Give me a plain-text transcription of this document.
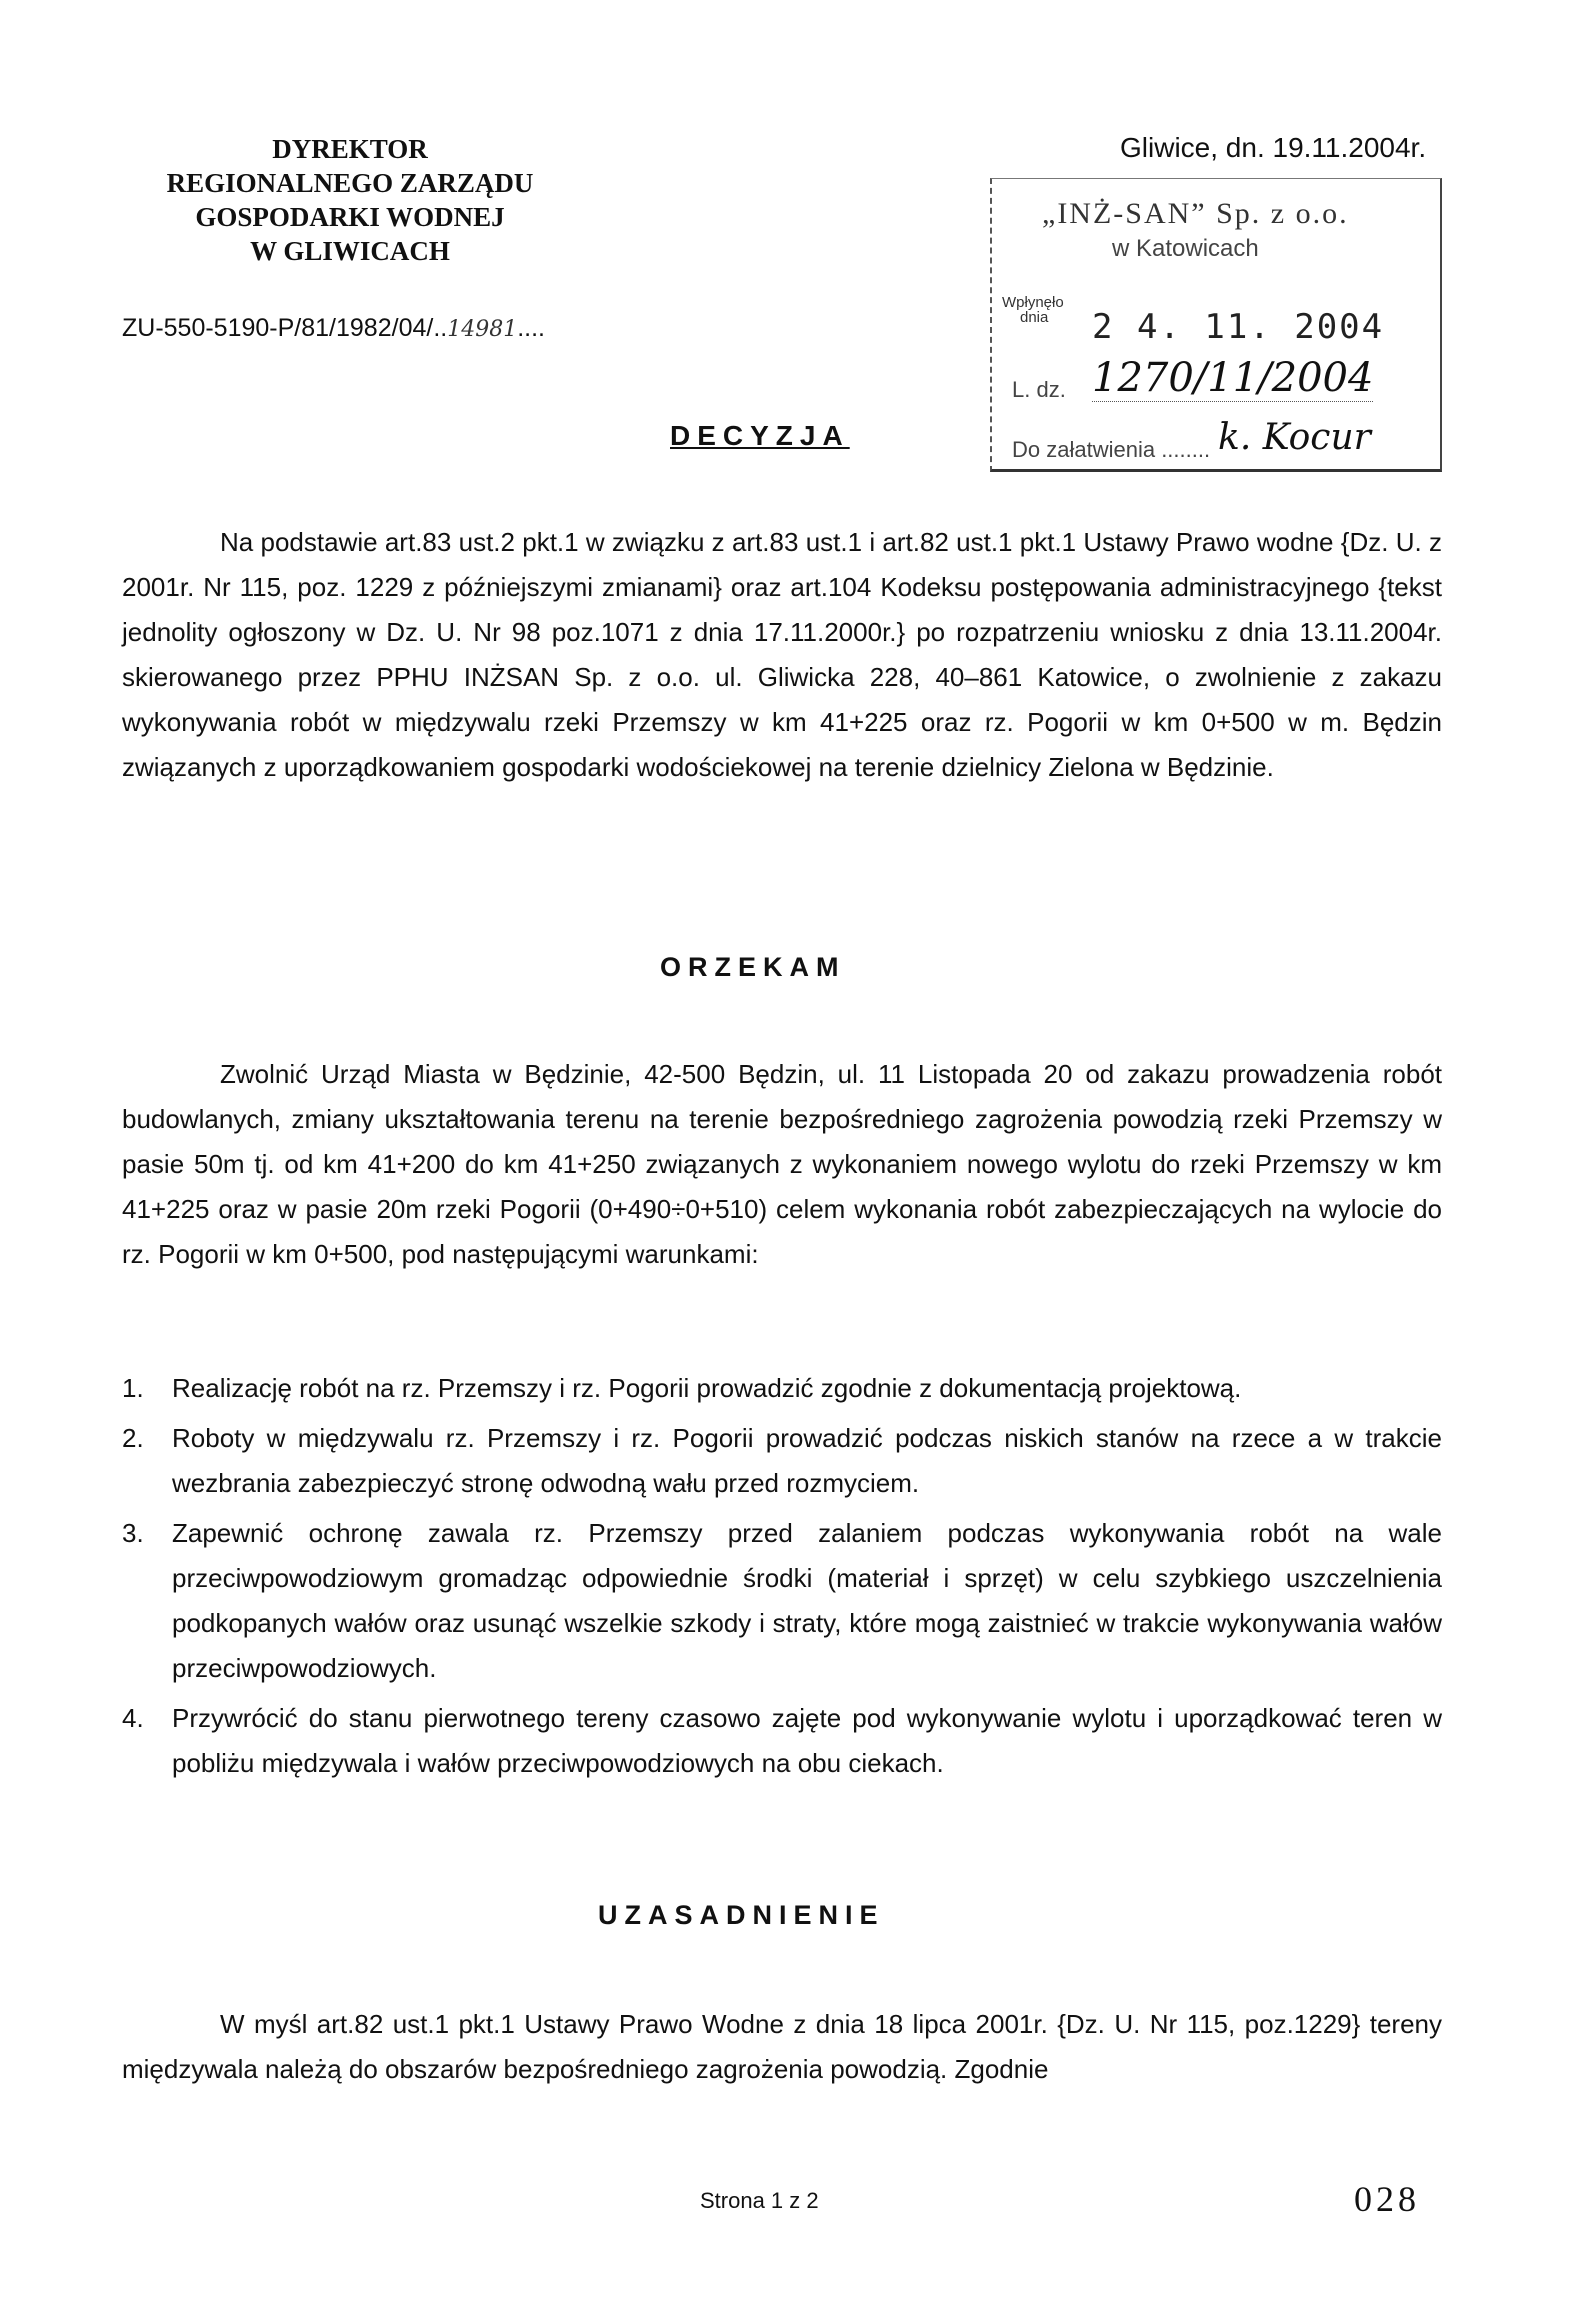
DYREKTOR
REGIONALNEGO ZARZĄDU
GOSPODARKI WODNEJ
W GLIWICACH
ZU-550-5190-P/81/1982/04/..14981....
Gliwice, dn. 19.11.2004r.
„INŻ-SAN” Sp. z o.o.
w Katowicach
Wpłynęło
dnia	2 4. 11. 2004
L. dz. 1270/11/2004
Do załatwienia ........ k. Kocur
DECYZJA
Na podstawie art.83 ust.2 pkt.1 w związku z art.83 ust.1 i art.82 ust.1 pkt.1 Ustawy Prawo wodne {Dz. U. z 2001r. Nr 115, poz. 1229 z późniejszymi zmianami} oraz art.104 Kodeksu postępowania administracyjnego {tekst jednolity ogłoszony w Dz. U. Nr 98 poz.1071 z dnia 17.11.2000r.} po rozpatrzeniu wniosku z dnia 13.11.2004r. skierowanego przez PPHU INŻSAN Sp. z o.o. ul. Gliwicka 228, 40–861 Katowice, o zwolnienie z zakazu wykonywania robót w międzywalu rzeki Przemszy w km 41+225 oraz rz. Pogorii w km 0+500 w m. Będzin związanych z uporządkowaniem gospodarki wodościekowej na terenie dzielnicy Zielona w Będzinie.
ORZEKAM
Zwolnić Urząd Miasta w Będzinie, 42-500 Będzin, ul. 11 Listopada 20 od zakazu prowadzenia robót budowlanych, zmiany ukształtowania terenu na terenie bezpośredniego zagrożenia powodzią rzeki Przemszy w pasie 50m tj. od km 41+200 do km 41+250 związanych z wykonaniem nowego wylotu do rzeki Przemszy w km 41+225 oraz w pasie 20m rzeki Pogorii (0+490÷0+510) celem wykonania robót zabezpieczających na wylocie do rz. Pogorii w km 0+500, pod następującymi warunkami:
1. Realizację robót na rz. Przemszy i rz. Pogorii prowadzić zgodnie z dokumentacją projektową.
2. Roboty w międzywalu rz. Przemszy i rz. Pogorii prowadzić podczas niskich stanów na rzece a w trakcie wezbrania zabezpieczyć stronę odwodną wału przed rozmyciem.
3. Zapewnić ochronę zawala rz. Przemszy przed zalaniem podczas wykonywania robót na wale przeciwpowodziowym gromadząc odpowiednie środki (materiał i sprzęt) w celu szybkiego uszczelnienia podkopanych wałów oraz usunąć wszelkie szkody i straty, które mogą zaistnieć w trakcie wykonywania wałów przeciwpowodziowych.
4. Przywrócić do stanu pierwotnego tereny czasowo zajęte pod wykonywanie wylotu i uporządkować teren w pobliżu międzywala i wałów przeciwpowodziowych na obu ciekach.
UZASADNIENIE
W myśl art.82 ust.1 pkt.1 Ustawy Prawo Wodne z dnia 18 lipca 2001r. {Dz. U. Nr 115, poz.1229} tereny międzywala należą do obszarów bezpośredniego zagrożenia powodzią. Zgodnie
Strona 1 z 2	028
